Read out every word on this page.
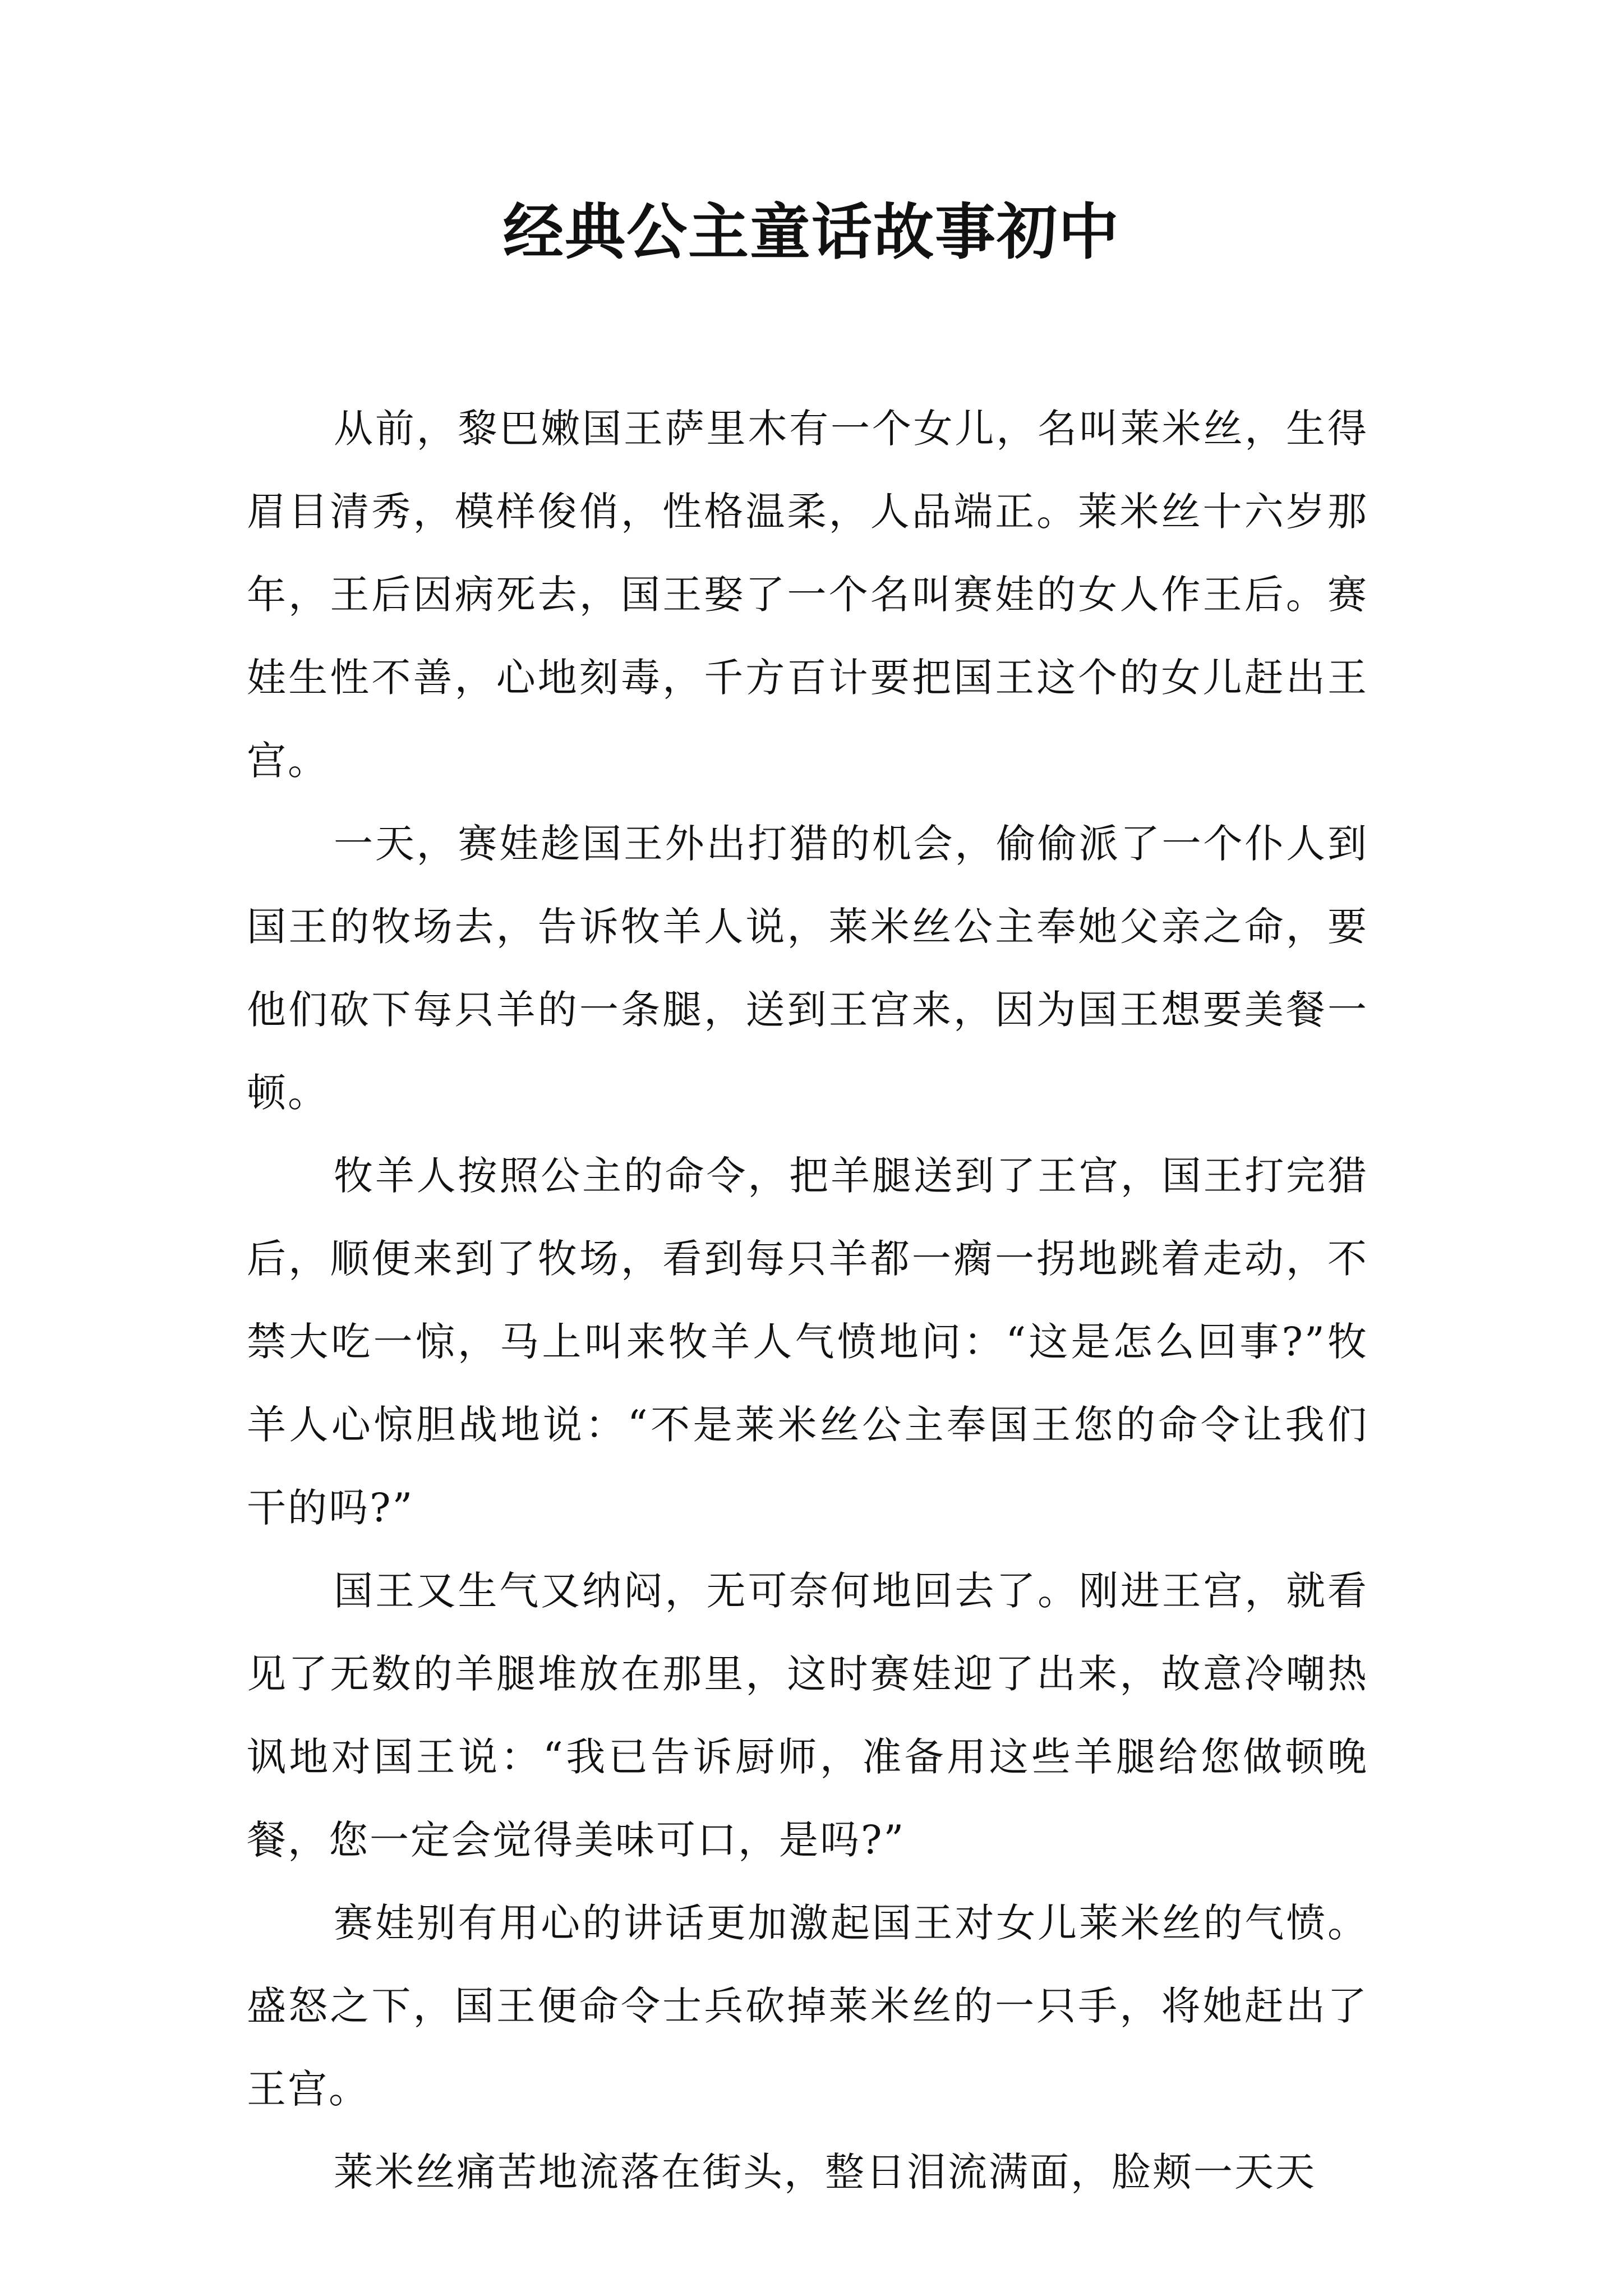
经典公主童话故事初中

从前，黎巴嫩国王萨里木有一个女儿，名叫莱米丝，生得眉目清秀，模样俊俏，性格温柔，人品端正。莱米丝十六岁那年，王后因病死去，国王娶了一个名叫赛娃的女人作王后。赛娃生性不善，心地刻毒，千方百计要把国王这个的女儿赶出王宫。

一天，赛娃趁国王外出打猎的机会，偷偷派了一个仆人到国王的牧场去，告诉牧羊人说，莱米丝公主奉她父亲之命，要他们砍下每只羊的一条腿，送到王宫来，因为国王想要美餐一顿。

牧羊人按照公主的命令，把羊腿送到了王宫，国王打完猎后，顺便来到了牧场，看到每只羊都一瘸一拐地跳着走动，不禁大吃一惊，马上叫来牧羊人气愤地问：“这是怎么回事?”牧羊人心惊胆战地说：“不是莱米丝公主奉国王您的命令让我们干的吗?”

国王又生气又纳闷，无可奈何地回去了。刚进王宫，就看见了无数的羊腿堆放在那里，这时赛娃迎了出来，故意冷嘲热讽地对国王说：“我已告诉厨师，准备用这些羊腿给您做顿晚餐，您一定会觉得美味可口，是吗?”

赛娃别有用心的讲话更加激起国王对女儿莱米丝的气愤。盛怒之下，国王便命令士兵砍掉莱米丝的一只手，将她赶出了王宫。

莱米丝痛苦地流落在街头，整日泪流满面，脸颊一天天
